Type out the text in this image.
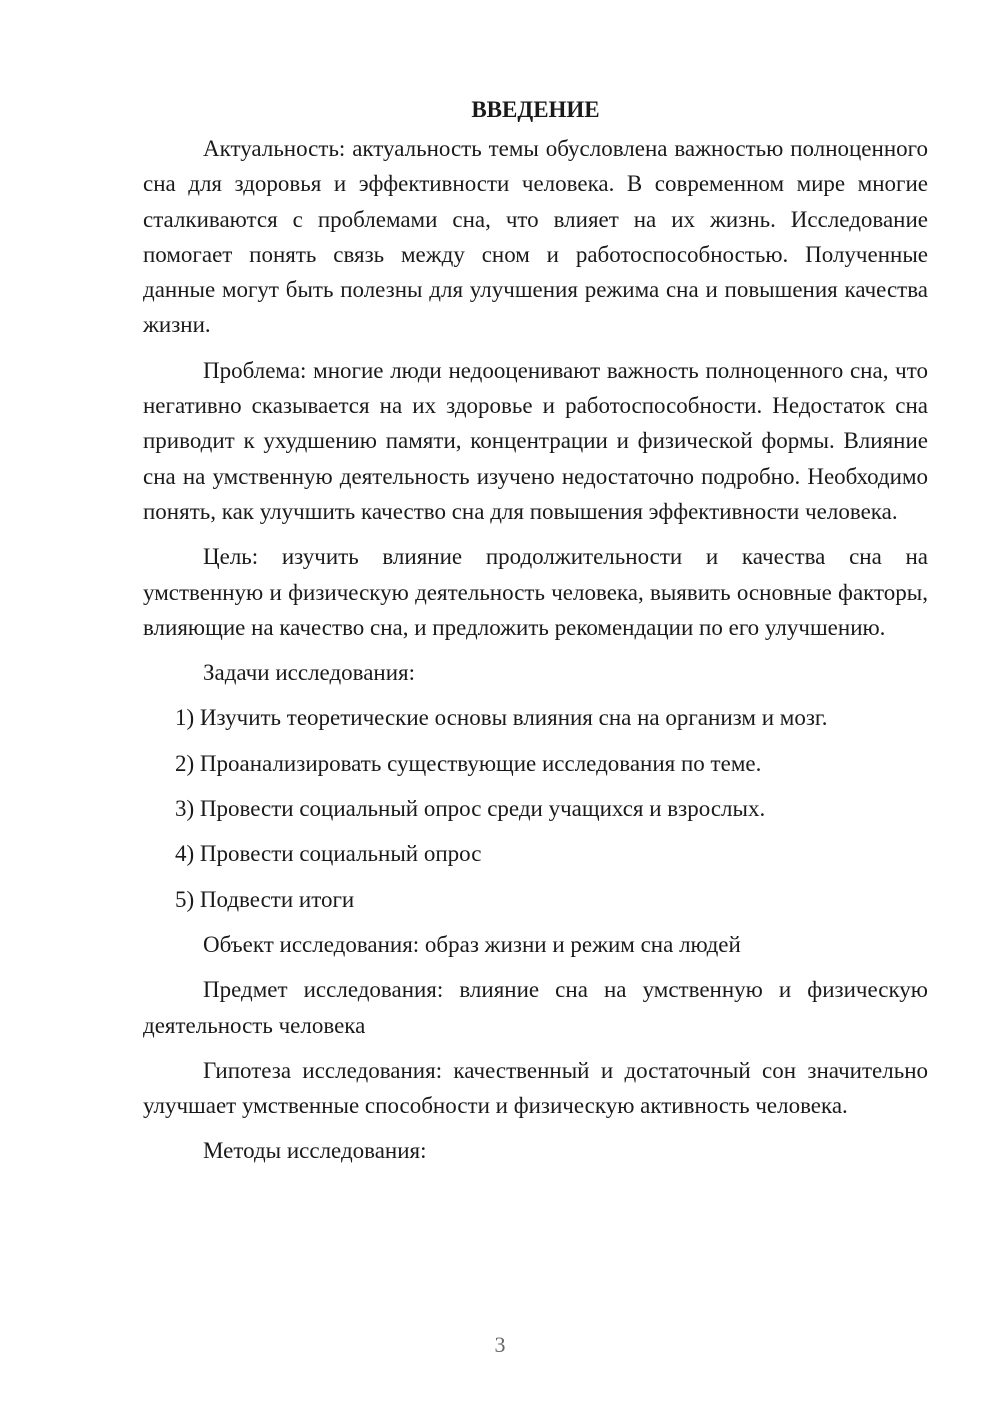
ВВЕДЕНИЕ

Актуальность: актуальность темы обусловлена важностью полноценного сна для здоровья и эффективности человека. В современном мире многие сталкиваются с проблемами сна, что влияет на их жизнь. Исследование помогает понять связь между сном и работоспособностью. Полученные данные могут быть полезны для улучшения режима сна и повышения качества жизни.

Проблема: многие люди недооценивают важность полноценного сна, что негативно сказывается на их здоровье и работоспособности. Недостаток сна приводит к ухудшению памяти, концентрации и физической формы. Влияние сна на умственную деятельность изучено недостаточно подробно. Необходимо понять, как улучшить качество сна для повышения эффективности человека.

Цель: изучить влияние продолжительности и качества сна на умственную и физическую деятельность человека, выявить основные факторы, влияющие на качество сна, и предложить рекомендации по его улучшению.

Задачи исследования:

1) Изучить теоретические основы влияния сна на организм и мозг.

2) Проанализировать существующие исследования по теме.

3) Провести социальный опрос среди учащихся и взрослых.

4) Провести социальный опрос

5) Подвести итоги

Объект исследования: образ жизни и режим сна людей

Предмет исследования: влияние сна на умственную и физическую деятельность человека

Гипотеза исследования: качественный и достаточный сон значительно улучшает умственные способности и физическую активность человека.

Методы исследования:

3
